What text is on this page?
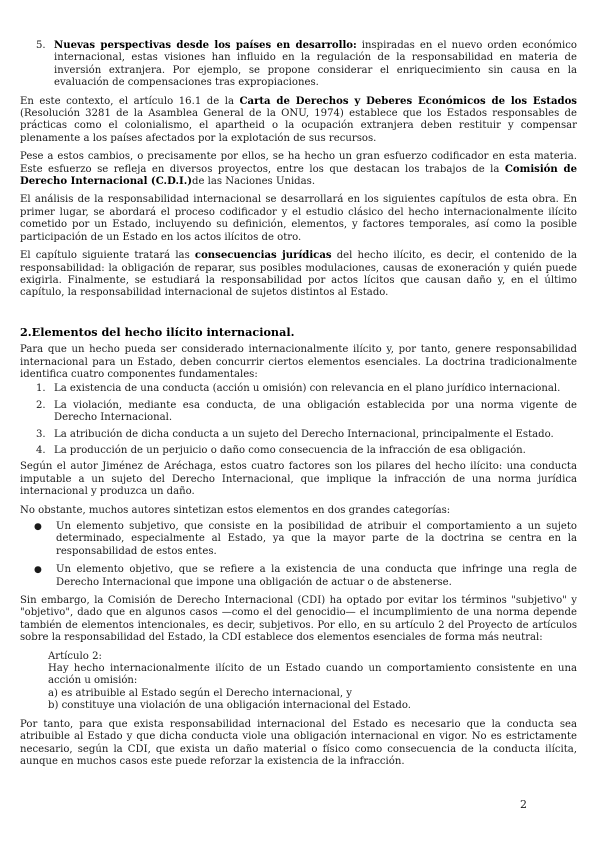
5. Nuevas perspectivas desde los países en desarrollo: inspiradas en el nuevo orden económico internacional, estas visiones han influido en la regulación de la responsabilidad en materia de inversión extranjera. Por ejemplo, se propone considerar el enriquecimiento sin causa en la evaluación de compensaciones tras expropiaciones.

En este contexto, el artículo 16.1 de la Carta de Derechos y Deberes Económicos de los Estados (Resolución 3281 de la Asamblea General de la ONU, 1974) establece que los Estados responsables de prácticas como el colonialismo, el apartheid o la ocupación extranjera deben restituir y compensar plenamente a los países afectados por la explotación de sus recursos.

Pese a estos cambios, o precisamente por ellos, se ha hecho un gran esfuerzo codificador en esta materia. Este esfuerzo se refleja en diversos proyectos, entre los que destacan los trabajos de la Comisión de Derecho Internacional (C.D.I.)de las Naciones Unidas.

El análisis de la responsabilidad internacional se desarrollará en los siguientes capítulos de esta obra. En primer lugar, se abordará el proceso codificador y el estudio clásico del hecho internacionalmente ilícito cometido por un Estado, incluyendo su definición, elementos, y factores temporales, así como la posible participación de un Estado en los actos ilícitos de otro.

El capítulo siguiente tratará las consecuencias jurídicas del hecho ilícito, es decir, el contenido de la responsabilidad: la obligación de reparar, sus posibles modulaciones, causas de exoneración y quién puede exigirla. Finalmente, se estudiará la responsabilidad por actos lícitos que causan daño y, en el último capítulo, la responsabilidad internacional de sujetos distintos al Estado.

2.Elementos del hecho ilícito internacional.

Para que un hecho pueda ser considerado internacionalmente ilícito y, por tanto, genere responsabilidad internacional para un Estado, deben concurrir ciertos elementos esenciales. La doctrina tradicionalmente identifica cuatro componentes fundamentales:

1. La existencia de una conducta (acción u omisión) con relevancia en el plano jurídico internacional.
2. La violación, mediante esa conducta, de una obligación establecida por una norma vigente de Derecho Internacional.
3. La atribución de dicha conducta a un sujeto del Derecho Internacional, principalmente el Estado.
4. La producción de un perjuicio o daño como consecuencia de la infracción de esa obligación.

Según el autor Jiménez de Aréchaga, estos cuatro factores son los pilares del hecho ilícito: una conducta imputable a un sujeto del Derecho Internacional, que implique la infracción de una norma jurídica internacional y produzca un daño.

No obstante, muchos autores sintetizan estos elementos en dos grandes categorías:

●	Un elemento subjetivo, que consiste en la posibilidad de atribuir el comportamiento a un sujeto determinado, especialmente al Estado, ya que la mayor parte de la doctrina se centra en la responsabilidad de estos entes.
●	Un elemento objetivo, que se refiere a la existencia de una conducta que infringe una regla de Derecho Internacional que impone una obligación de actuar o de abstenerse.

Sin embargo, la Comisión de Derecho Internacional (CDI) ha optado por evitar los términos "subjetivo" y "objetivo", dado que en algunos casos —como el del genocidio— el incumplimiento de una norma depende también de elementos intencionales, es decir, subjetivos. Por ello, en su artículo 2 del Proyecto de artículos sobre la responsabilidad del Estado, la CDI establece dos elementos esenciales de forma más neutral:

Artículo 2:
Hay hecho internacionalmente ilícito de un Estado cuando un comportamiento consistente en una acción u omisión:
a) es atribuible al Estado según el Derecho internacional, y
b) constituye una violación de una obligación internacional del Estado.

Por tanto, para que exista responsabilidad internacional del Estado es necesario que la conducta sea atribuible al Estado y que dicha conducta viole una obligación internacional en vigor. No es estrictamente necesario, según la CDI, que exista un daño material o físico como consecuencia de la conducta ilícita, aunque en muchos casos este puede reforzar la existencia de la infracción.

2
